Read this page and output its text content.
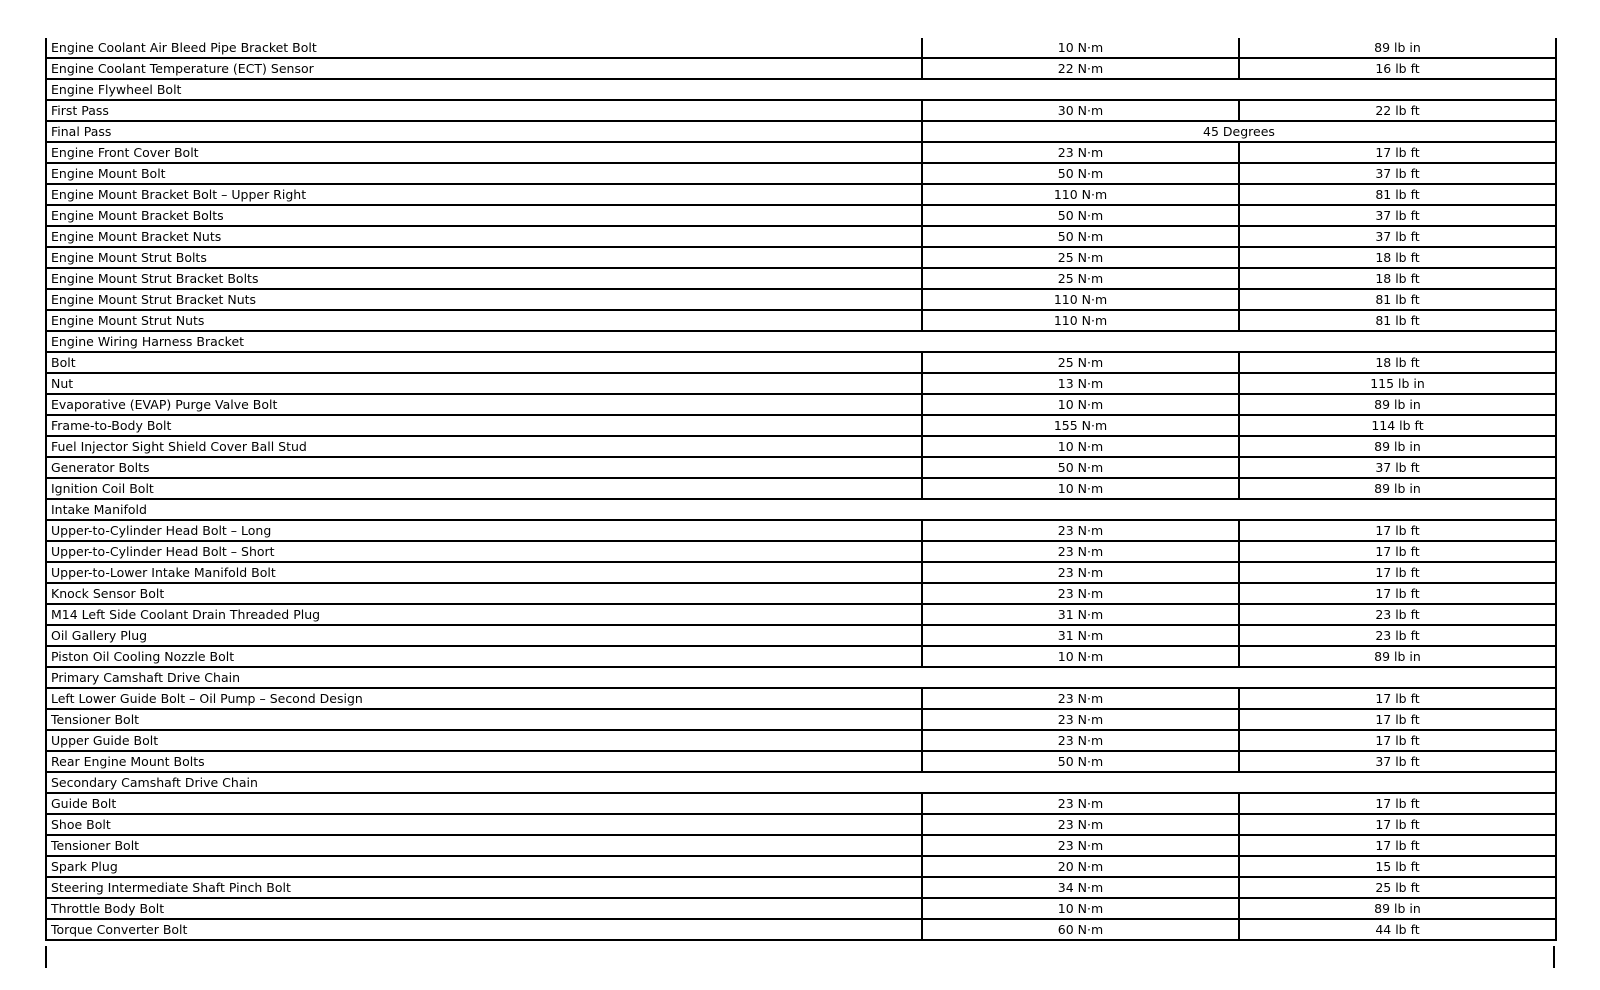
Engine Coolant Air Bleed Pipe Bracket Bolt	10 N·m	89 lb in
Engine Coolant Temperature (ECT) Sensor	22 N·m	16 lb ft
Engine Flywheel Bolt		
First Pass	30 N·m	22 lb ft
Final Pass	45 Degrees	
Engine Front Cover Bolt	23 N·m	17 lb ft
Engine Mount Bolt	50 N·m	37 lb ft
Engine Mount Bracket Bolt – Upper Right	110 N·m	81 lb ft
Engine Mount Bracket Bolts	50 N·m	37 lb ft
Engine Mount Bracket Nuts	50 N·m	37 lb ft
Engine Mount Strut Bolts	25 N·m	18 lb ft
Engine Mount Strut Bracket Bolts	25 N·m	18 lb ft
Engine Mount Strut Bracket Nuts	110 N·m	81 lb ft
Engine Mount Strut Nuts	110 N·m	81 lb ft
Engine Wiring Harness Bracket		
Bolt	25 N·m	18 lb ft
Nut	13 N·m	115 lb in
Evaporative (EVAP) Purge Valve Bolt	10 N·m	89 lb in
Frame-to-Body Bolt	155 N·m	114 lb ft
Fuel Injector Sight Shield Cover Ball Stud	10 N·m	89 lb in
Generator Bolts	50 N·m	37 lb ft
Ignition Coil Bolt	10 N·m	89 lb in
Intake Manifold		
Upper-to-Cylinder Head Bolt – Long	23 N·m	17 lb ft
Upper-to-Cylinder Head Bolt – Short	23 N·m	17 lb ft
Upper-to-Lower Intake Manifold Bolt	23 N·m	17 lb ft
Knock Sensor Bolt	23 N·m	17 lb ft
M14 Left Side Coolant Drain Threaded Plug	31 N·m	23 lb ft
Oil Gallery Plug	31 N·m	23 lb ft
Piston Oil Cooling Nozzle Bolt	10 N·m	89 lb in
Primary Camshaft Drive Chain		
Left Lower Guide Bolt – Oil Pump – Second Design	23 N·m	17 lb ft
Tensioner Bolt	23 N·m	17 lb ft
Upper Guide Bolt	23 N·m	17 lb ft
Rear Engine Mount Bolts	50 N·m	37 lb ft
Secondary Camshaft Drive Chain		
Guide Bolt	23 N·m	17 lb ft
Shoe Bolt	23 N·m	17 lb ft
Tensioner Bolt	23 N·m	17 lb ft
Spark Plug	20 N·m	15 lb ft
Steering Intermediate Shaft Pinch Bolt	34 N·m	25 lb ft
Throttle Body Bolt	10 N·m	89 lb in
Torque Converter Bolt	60 N·m	44 lb ft
